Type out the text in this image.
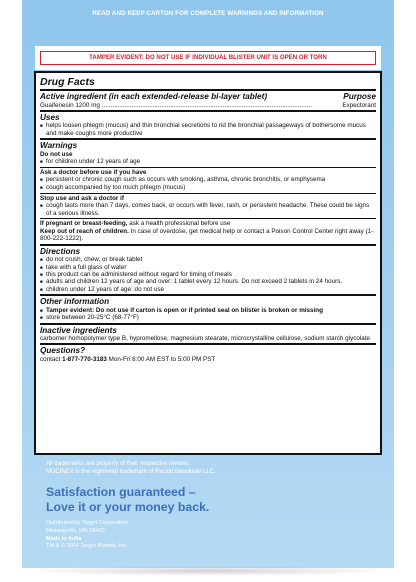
READ AND KEEP CARTON FOR COMPLETE WARNINGS AND INFORMATION
TAMPER EVIDENT: DO NOT USE IF INDIVIDUAL BLISTER UNIT IS OPEN OR TORN
Drug Facts
Active ingredient (in each extended-release bi-layer tablet)	Purpose
Guaifenesin 1200 mg ........................................................................................................................	Expectorant
Uses
■ helps loosen phlegm (mucus) and thin bronchial secretions to rid the bronchial passageways of bothersome mucus and make coughs more productive
Warnings
Do not use
■ for children under 12 years of age
Ask a doctor before use if you have
■ persistent or chronic cough such as occurs with smoking, asthma, chronic bronchitis, or emphysema
■ cough accompanied by too much phlegm (mucus)
Stop use and ask a doctor if
■ cough lasts more than 7 days, comes back, or occurs with fever, rash, or persistent headache. These could be signs of a serious illness.
If pregnant or breast-feeding, ask a health professional before use
Keep out of reach of children. In case of overdose, get medical help or contact a Poison Control Center right away (1-800-222-1222).
Directions
■ do not crush, chew, or break tablet
■ take with a full glass of water
■ this product can be administered without regard for timing of meals
■ adults and children 12 years of age and over: 1 tablet every 12 hours. Do not exceed 2 tablets in 24 hours.
■ children under 12 years of age: do not use
Other information
■ Tamper evident: Do not use if carton is open or if printed seal on blister is broken or missing
■ store between 20-25°C (68-77°F)
Inactive ingredients
carbomer homopolymer type B, hypromellose, magnesium stearate, microcrystalline cellulose, sodium starch glycolate
Questions?
contact 1-877-770-3183 Mon-Fri 8:00 AM EST to 5:00 PM PST
All trademarks are property of their respective owners.
MUCINEX is the registered trademark of Reckitt Benckiser LLC.
Satisfaction guaranteed –
Love it or your money back.
Distributed by Target Corporation
Minneapolis, MN 55403
Made in India
TM & © 2024 Target Brands, Inc.
